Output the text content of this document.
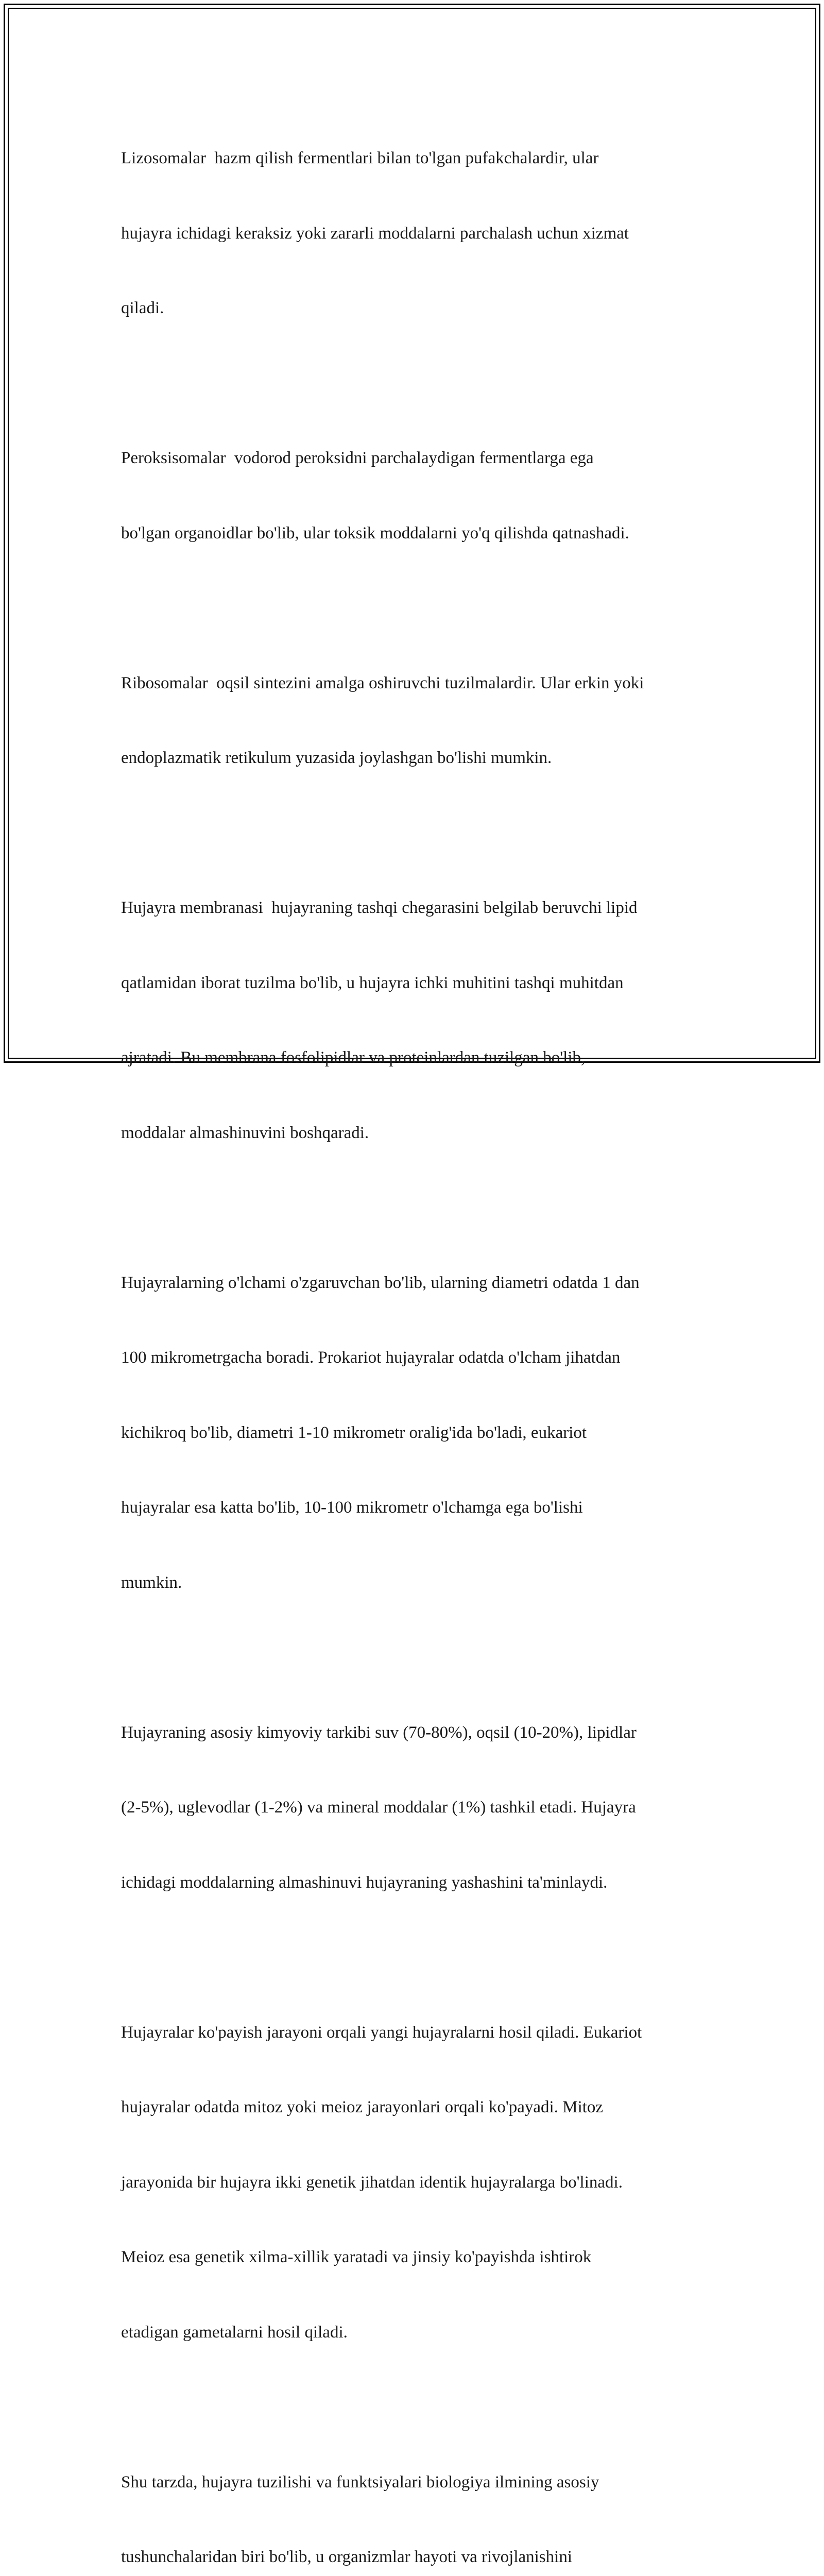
Lizosomalar  hazm qilish fermentlari bilan to'lgan pufakchalardir, ular

hujayra ichidagi keraksiz yoki zararli moddalarni parchalash uchun xizmat

qiladi.

Peroksisomalar  vodorod peroksidni parchalaydigan fermentlarga ega

bo'lgan organoidlar bo'lib, ular toksik moddalarni yo'q qilishda qatnashadi.

Ribosomalar  oqsil sintezini amalga oshiruvchi tuzilmalardir. Ular erkin yoki

endoplazmatik retikulum yuzasida joylashgan bo'lishi mumkin.

Hujayra membranasi  hujayraning tashqi chegarasini belgilab beruvchi lipid

qatlamidan iborat tuzilma bo'lib, u hujayra ichki muhitini tashqi muhitdan

ajratadi. Bu membrana fosfolipidlar va proteinlardan tuzilgan bo'lib,

moddalar almashinuvini boshqaradi.

Hujayralarning o'lchami o'zgaruvchan bo'lib, ularning diametri odatda 1 dan

100 mikrometrgacha boradi. Prokariot hujayralar odatda o'lcham jihatdan

kichikroq bo'lib, diametri 1-10 mikrometr oralig'ida bo'ladi, eukariot

hujayralar esa katta bo'lib, 10-100 mikrometr o'lchamga ega bo'lishi

mumkin.

Hujayraning asosiy kimyoviy tarkibi suv (70-80%), oqsil (10-20%), lipidlar

(2-5%), uglevodlar (1-2%) va mineral moddalar (1%) tashkil etadi. Hujayra

ichidagi moddalarning almashinuvi hujayraning yashashini ta'minlaydi.

Hujayralar ko'payish jarayoni orqali yangi hujayralarni hosil qiladi. Eukariot

hujayralar odatda mitoz yoki meioz jarayonlari orqali ko'payadi. Mitoz

jarayonida bir hujayra ikki genetik jihatdan identik hujayralarga bo'linadi.

Meioz esa genetik xilma-xillik yaratadi va jinsiy ko'payishda ishtirok

etadigan gametalarni hosil qiladi.

Shu tarzda, hujayra tuzilishi va funktsiyalari biologiya ilmining asosiy

tushunchalaridan biri bo'lib, u organizmlar hayoti va rivojlanishini
